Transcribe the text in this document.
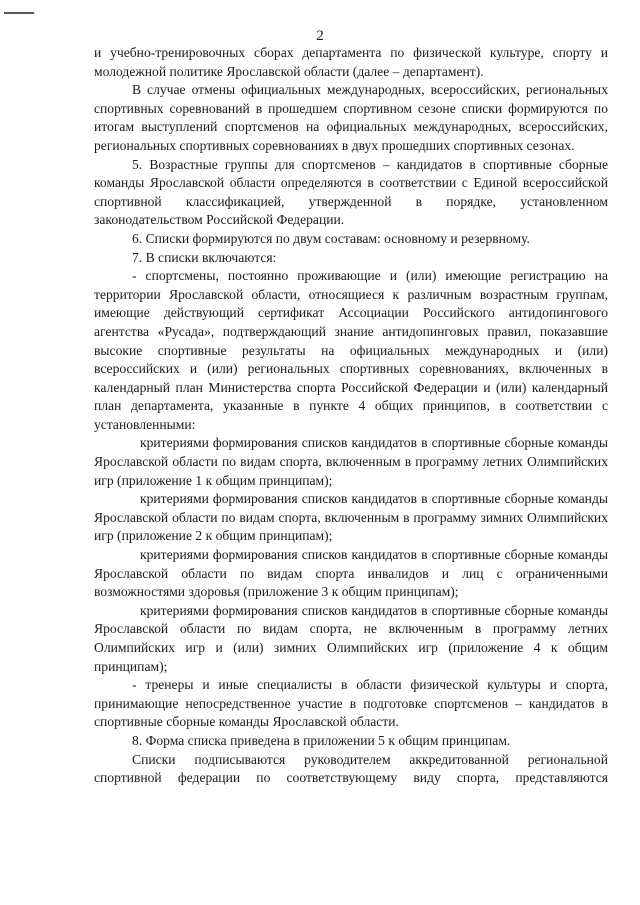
2

и учебно-тренировочных сборах департамента по физической культуре, спорту и молодежной политике Ярославской области (далее – департамент).

В случае отмены официальных международных, всероссийских, региональных спортивных соревнований в прошедшем спортивном сезоне списки формируются по итогам выступлений спортсменов на официальных международных, всероссийских, региональных спортивных соревнованиях в двух прошедших спортивных сезонах.

5. Возрастные группы для спортсменов – кандидатов в спортивные сборные команды Ярославской области определяются в соответствии с Единой всероссийской спортивной классификацией, утвержденной в порядке, установленном законодательством Российской Федерации.

6. Списки формируются по двум составам: основному и резервному.

7. В списки включаются:

- спортсмены, постоянно проживающие и (или) имеющие регистрацию на территории Ярославской области, относящиеся к различным возрастным группам, имеющие действующий сертификат Ассоциации Российского антидопингового агентства «Русада», подтверждающий знание антидопинговых правил, показавшие высокие спортивные результаты на официальных международных и (или) всероссийских и (или) региональных спортивных соревнованиях, включенных в календарный план Министерства спорта Российской Федерации и (или) календарный план департамента, указанные в пункте 4 общих принципов, в соответствии с установленными:

критериями формирования списков кандидатов в спортивные сборные команды Ярославской области по видам спорта, включенным в программу летних Олимпийских игр (приложение 1 к общим принципам);

критериями формирования списков кандидатов в спортивные сборные команды Ярославской области по видам спорта, включенным в программу зимних Олимпийских игр (приложение 2 к общим принципам);

критериями формирования списков кандидатов в спортивные сборные команды Ярославской области по видам спорта инвалидов и лиц с ограниченными возможностями здоровья (приложение 3 к общим принципам);

критериями формирования списков кандидатов в спортивные сборные команды Ярославской области по видам спорта, не включенным в программу летних Олимпийских игр и (или) зимних Олимпийских игр (приложение 4 к общим принципам);

- тренеры и иные специалисты в области физической культуры и спорта, принимающие непосредственное участие в подготовке спортсменов – кандидатов в спортивные сборные команды Ярославской области.

8. Форма списка приведена в приложении 5 к общим принципам.

Списки подписываются руководителем аккредитованной региональной спортивной федерации по соответствующему виду спорта, представляются
